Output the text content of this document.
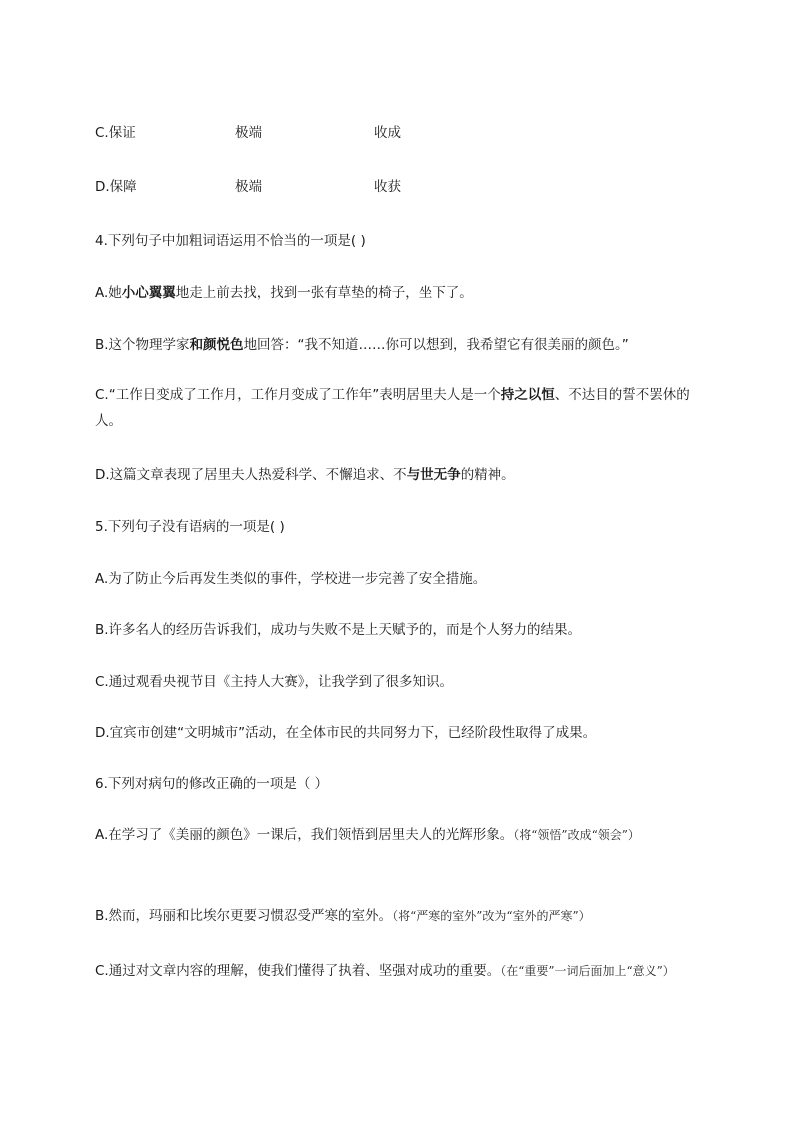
C.保证	极端	收成
D.保障	极端	收获
4.下列句子中加粗词语运用不恰当的一项是( )
A.她小心翼翼地走上前去找，找到一张有草垫的椅子，坐下了。
B.这个物理学家和颜悦色地回答：“我不知道……你可以想到，我希望它有很美丽的颜色。”
C.“工作日变成了工作月，工作月变成了工作年”表明居里夫人是一个持之以恒、不达目的誓不罢休的人。
D.这篇文章表现了居里夫人热爱科学、不懈追求、不与世无争的精神。
5.下列句子没有语病的一项是( )
A.为了防止今后再发生类似的事件，学校进一步完善了安全措施。
B.许多名人的经历告诉我们，成功与失败不是上天赋予的，而是个人努力的结果。
C.通过观看央视节目《主持人大赛》，让我学到了很多知识。
D.宜宾市创建“文明城市”活动，在全体市民的共同努力下，已经阶段性取得了成果。
6.下列对病句的修改正确的一项是（ ）
A.在学习了《美丽的颜色》一课后，我们领悟到居里夫人的光辉形象。（将“领悟”改成“领会”）
B.然而，玛丽和比埃尔更要习惯忍受严寒的室外。（将“严寒的室外”改为“室外的严寒”）
C.通过对文章内容的理解，使我们懂得了执着、坚强对成功的重要。（在“重要”一词后面加上“意义”）
